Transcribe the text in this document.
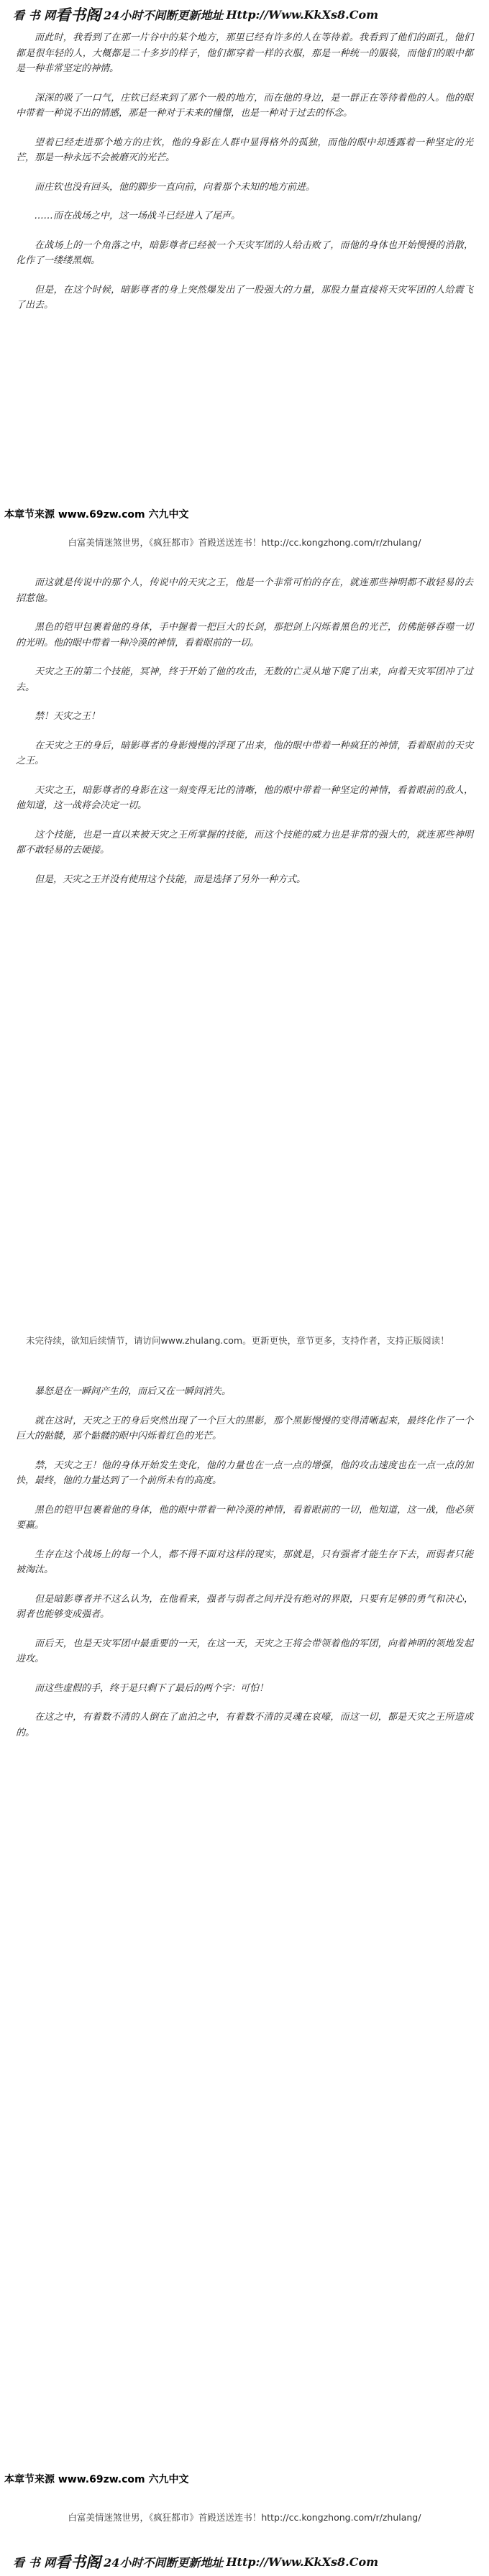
看 书 网 看书阁 24小时不间断更新地址 Http://Www.KkXs8.Com

而此时，我看到了在那一片谷中的某个地方，那里已经有许多的人在等待着。我看到了他们的面孔，他们都是很年轻的人，大概都是二十多岁的样子，他们都穿着一样的衣服，那是一种统一的服装，而他们的眼中都是一种非常坚定的神情。

深深的吸了一口气，庄钦已经来到了那个一般的地方，而在他的身边，是一群正在等待着他的人。他的眼中带着一种说不出的情感，那是一种对于未来的憧憬，也是一种对于过去的怀念。

望着已经走进那个地方的庄钦，他的身影在人群中显得格外的孤独，而他的眼中却透露着一种坚定的光芒，那是一种永远不会被磨灭的光芒。

而庄钦也没有回头，他的脚步一直向前，向着那个未知的地方前进。

……而在战场之中，这一场战斗已经进入了尾声。

在战场上的一个角落之中，暗影尊者已经被一个天灾军团的人给击败了，而他的身体也开始慢慢的消散，化作了一缕缕黑烟。

但是，在这个时候，暗影尊者的身上突然爆发出了一股强大的力量，那股力量直接将天灾军团的人给震飞了出去。

本章节来源 www.69zw.com 六九中文
白富美情迷煞世男，《疯狂都市》首殿送送连书！http://cc.kongzhong.com/r/zhulang/

而这就是传说中的那个人，传说中的天灾之王，他是一个非常可怕的存在，就连那些神明都不敢轻易的去招惹他。

黑色的铠甲包裹着他的身体，手中握着一把巨大的长剑，那把剑上闪烁着黑色的光芒，仿佛能够吞噬一切的光明。他的眼中带着一种冷漠的神情，看着眼前的一切。

天灾之王的第二个技能，冥神，终于开始了他的攻击，无数的亡灵从地下爬了出来，向着天灾军团冲了过去。

禁！天灾之王！

在天灾之王的身后，暗影尊者的身影慢慢的浮现了出来，他的眼中带着一种疯狂的神情，看着眼前的天灾之王。

天灾之王，暗影尊者的身影在这一刻变得无比的清晰，他的眼中带着一种坚定的神情，看着眼前的敌人，他知道，这一战将会决定一切。

这个技能，也是一直以来被天灾之王所掌握的技能，而这个技能的威力也是非常的强大的，就连那些神明都不敢轻易的去硬接。

但是，天灾之王并没有使用这个技能，而是选择了另外一种方式。

未完待续，欲知后续情节，请访问www.zhulang.com。更新更快，章节更多，支持作者，支持正版阅读！

暴怒是在一瞬间产生的，而后又在一瞬间消失。

就在这时，天灾之王的身后突然出现了一个巨大的黑影，那个黑影慢慢的变得清晰起来，最终化作了一个巨大的骷髅，那个骷髅的眼中闪烁着红色的光芒。

禁，天灾之王！他的身体开始发生变化，他的力量也在一点一点的增强，他的攻击速度也在一点一点的加快，最终，他的力量达到了一个前所未有的高度。

黑色的铠甲包裹着他的身体，他的眼中带着一种冷漠的神情，看着眼前的一切，他知道，这一战，他必须要赢。

生存在这个战场上的每一个人，都不得不面对这样的现实，那就是，只有强者才能生存下去，而弱者只能被淘汰。

但是暗影尊者并不这么认为，在他看来，强者与弱者之间并没有绝对的界限，只要有足够的勇气和决心，弱者也能够变成强者。

而后天，也是天灾军团中最重要的一天，在这一天，天灾之王将会带领着他的军团，向着神明的领地发起进攻。

而这些虚假的手，终于是只剩下了最后的两个字：可怕！

在这之中，有着数不清的人倒在了血泊之中，有着数不清的灵魂在哀嚎，而这一切，都是天灾之王所造成的。

本章节来源 www.69zw.com 六九中文
白富美情迷煞世男，《疯狂都市》首殿送送连书！http://cc.kongzhong.com/r/zhulang/
看 书 网 看书阁 24小时不间断更新地址 Http://Www.KkXs8.Com
